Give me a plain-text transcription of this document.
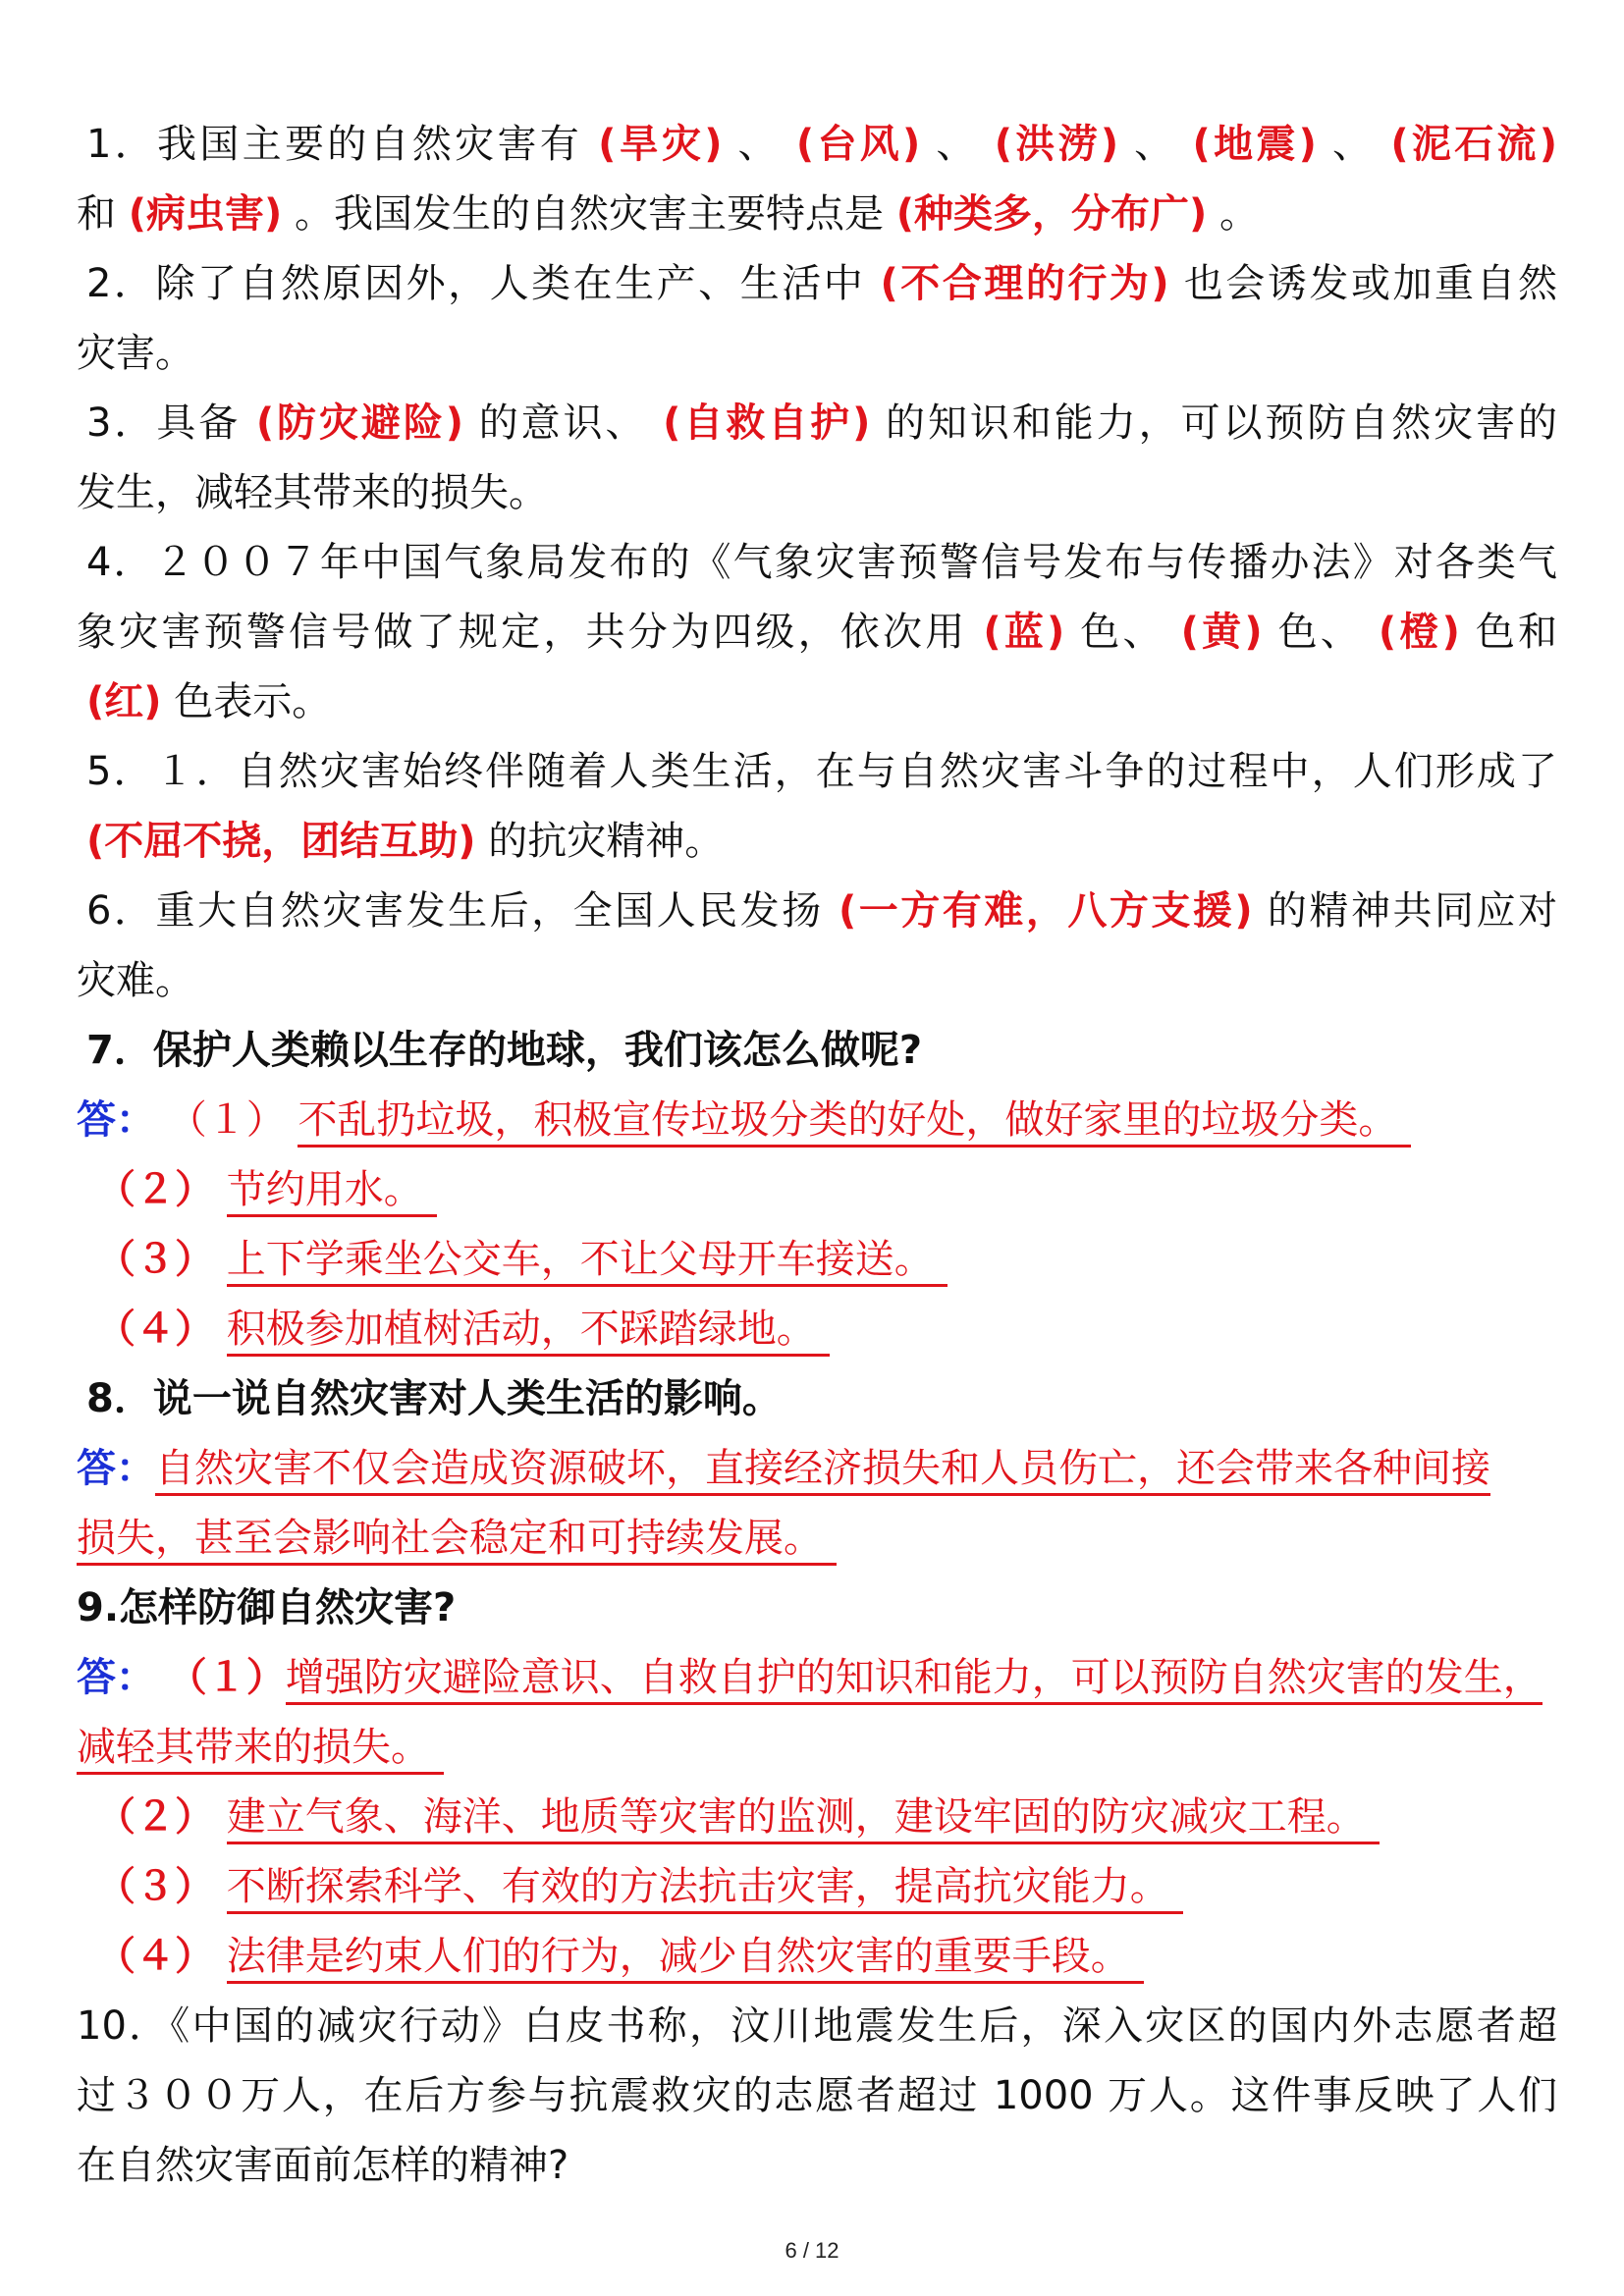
1．我国主要的自然灾害有 (旱灾) 、 (台风) 、 (洪涝) 、 (地震) 、 (泥石流)
和 (病虫害) 。我国发生的自然灾害主要特点是 (种类多，分布广) 。
2．除了自然原因外，人类在生产、生活中 (不合理的行为) 也会诱发或加重自然
灾害。
3．具备 (防灾避险) 的意识、 (自救自护) 的知识和能力，可以预防自然灾害的
发生，减轻其带来的损失。
4．２００７年中国气象局发布的《气象灾害预警信号发布与传播办法》对各类气
象灾害预警信号做了规定，共分为四级，依次用 (蓝) 色、 (黄) 色、 (橙) 色和
(红) 色表示。
5．１．自然灾害始终伴随着人类生活，在与自然灾害斗争的过程中，人们形成了
(不屈不挠，团结互助) 的抗灾精神。
6．重大自然灾害发生后，全国人民发扬 (一方有难，八方支援) 的精神共同应对
灾难。
7．保护人类赖以生存的地球，我们该怎么做呢?
答： （１） 不乱扔垃圾，积极宣传垃圾分类的好处，做好家里的垃圾分类。
（２） 节约用水。
（３） 上下学乘坐公交车，不让父母开车接送。
（４） 积极参加植树活动，不踩踏绿地。
8．说一说自然灾害对人类生活的影响。
答：自然灾害不仅会造成资源破坏，直接经济损失和人员伤亡，还会带来各种间接
损失，甚至会影响社会稳定和可持续发展。
9.怎样防御自然灾害?
答： （１）增强防灾避险意识、自救自护的知识和能力，可以预防自然灾害的发生，
减轻其带来的损失。
（２） 建立气象、海洋、地质等灾害的监测，建设牢固的防灾减灾工程。
（３） 不断探索科学、有效的方法抗击灾害，提高抗灾能力。
（４） 法律是约束人们的行为，减少自然灾害的重要手段。
10．《中国的减灾行动》白皮书称，汶川地震发生后，深入灾区的国内外志愿者超
过３００万人，在后方参与抗震救灾的志愿者超过 1000 万人。这件事反映了人们
在自然灾害面前怎样的精神?
6 / 12
